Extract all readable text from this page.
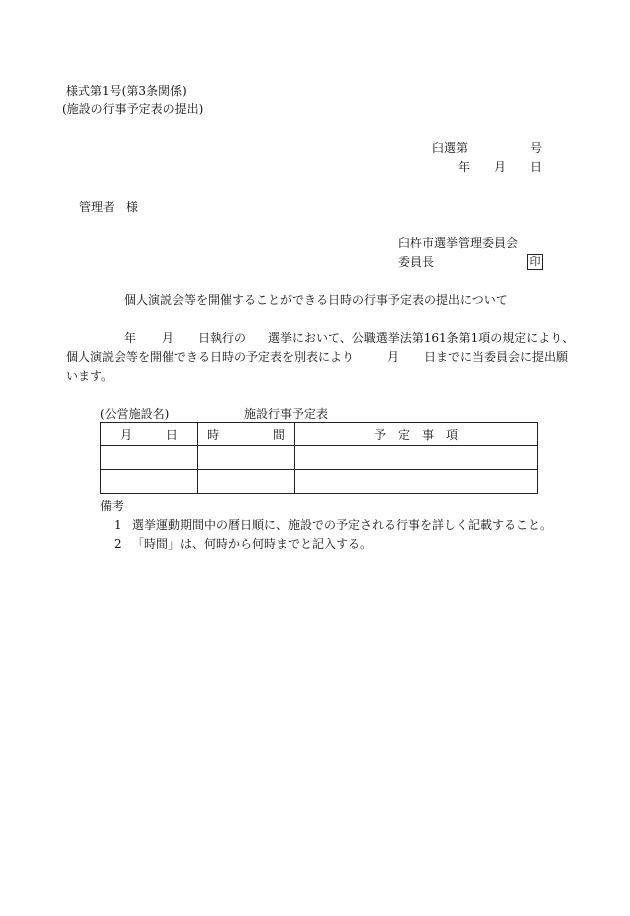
様式第1号(第3条関係)
(施設の行事予定表の提出)
臼選第	号
年 月 日
管理者 様
臼杵市選挙管理委員会
委員長	印
個人演説会等を開催することができる日時の行事予定表の提出について
年 月 日執行の 選挙において、公職選挙法第161条第1項の規定により、
個人演説会等を開催できる日時の予定表を別表により	月 日までに当委員会に提出願
います。
(公営施設名)	施設行事予定表
月 日	時 間	予　定　事　項

備考
1 選挙運動期間中の暦日順に、施設での予定される行事を詳しく記載すること。
2 「時間」は、何時から何時までと記入する。
